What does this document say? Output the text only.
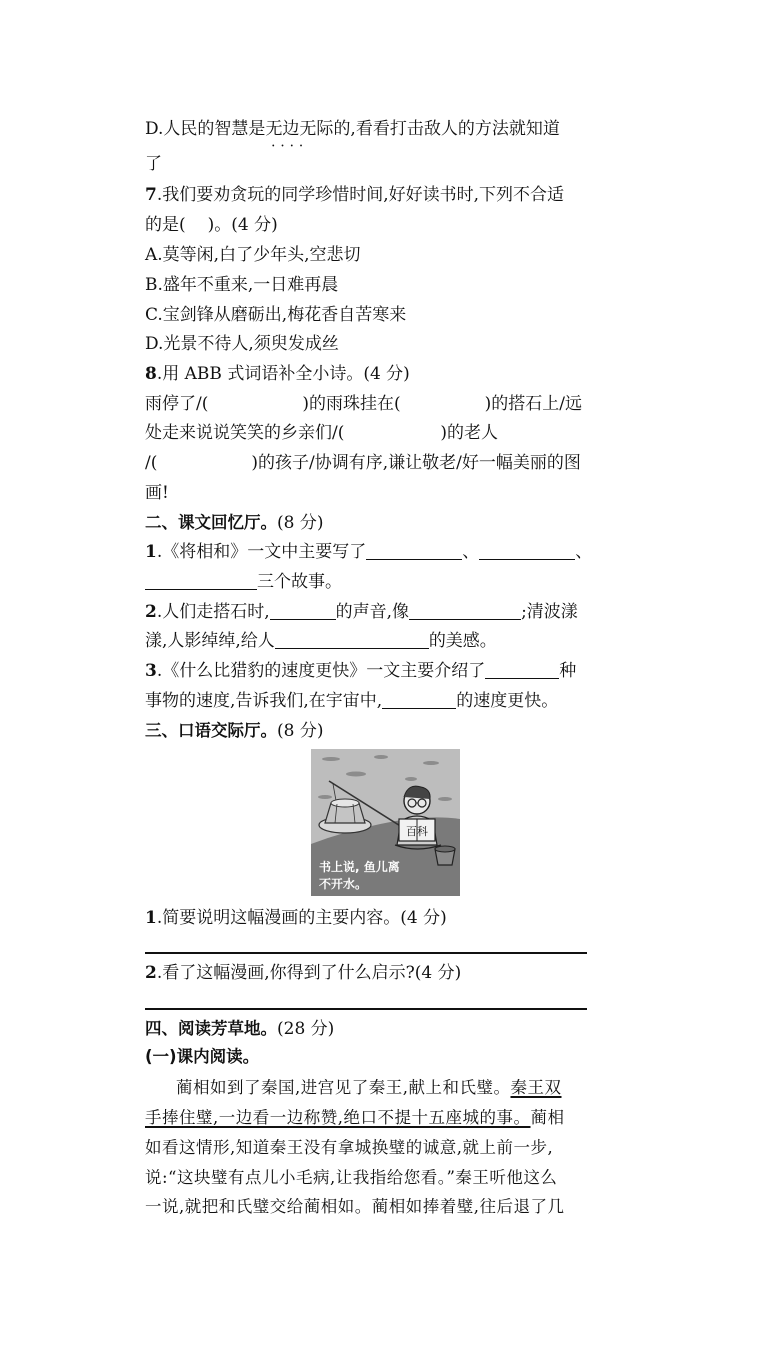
D.人民的智慧是无边无际 • •的,看看打击敌人的方法就知道
了
7.我们要劝贪玩的同学珍惜时间,好好读书时,下列不合适
的是( )。(4 分)
A.莫等闲,白了少年头,空悲切
B.盛年不重来,一日难再晨
C.宝剑锋从磨砺出,梅花香自苦寒来
D.光景不待人,须臾发成丝
8.用 ABB 式词语补全小诗。(4 分)
雨停了/(	)的雨珠挂在(	)的搭石上/远
处走来说说笑笑的乡亲们/(	)的老人
/(	)的孩子/协调有序,谦让敬老/好一幅美丽的图
画!
二、课文回忆厅。(8 分)
1.《将相和》一文中主要写了	、	、
三个故事。
2.人们走搭石时,	的声音,像	;清波漾
漾,人影绰绰,给人	的美感。
3.《什么比猎豹的速度更快》一文主要介绍了	种
事物的速度,告诉我们,在宇宙中,	的速度更快。
三、口语交际厅。(8 分)
百科
书上说, 鱼儿离
不开水。
1.简要说明这幅漫画的主要内容。(4 分)
2.看了这幅漫画,你得到了什么启示?(4 分)
四、阅读芳草地。(28 分)
(一)课内阅读。
蔺相如到了秦国,进宫见了秦王,献上和氏璧。秦王双
手捧住璧,一边看一边称赞,绝口不提十五座城的事。蔺相
如看这情形,知道秦王没有拿城换璧的诚意,就上前一步,
说:“这块璧有点儿小毛病,让我指给您看。”秦王听他这么
一说,就把和氏璧交给蔺相如。蔺相如捧着璧,往后退了几
